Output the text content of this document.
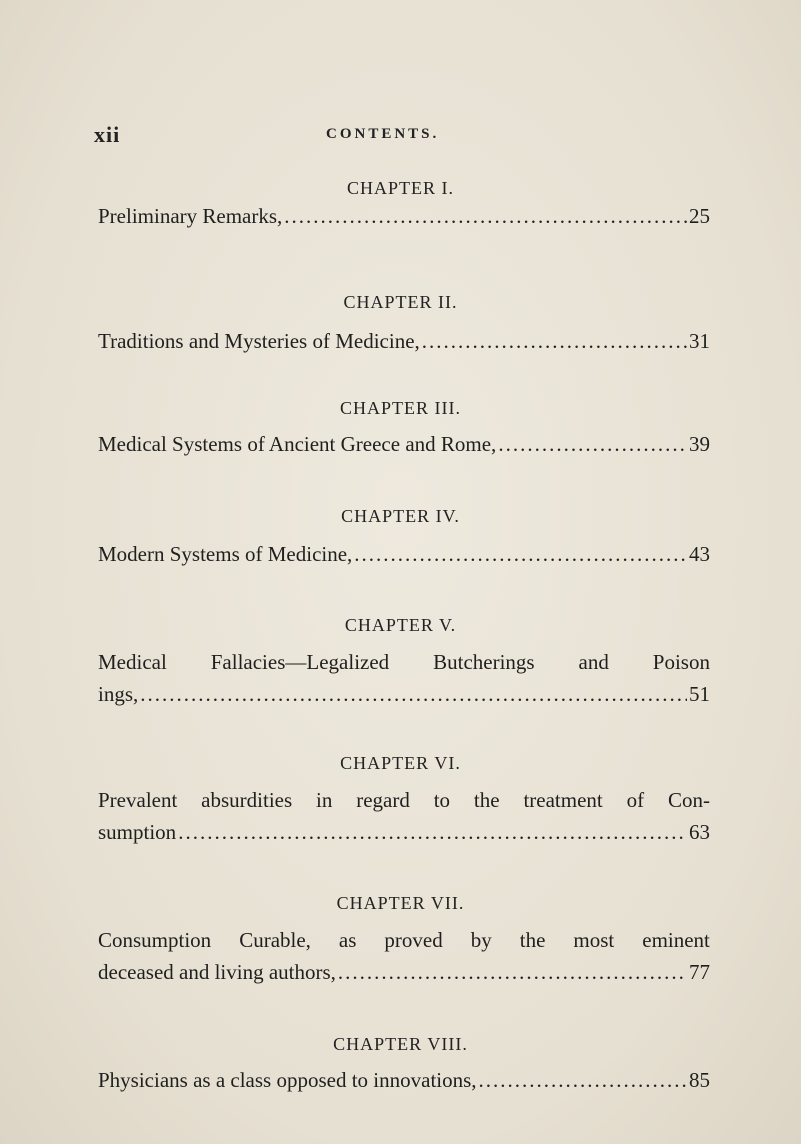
xii	CONTENTS.
CHAPTER I.
Preliminary Remarks, .....	25
CHAPTER II.
Traditions and Mysteries of Medicine, .....	31
CHAPTER III.
Medical Systems of Ancient Greece and Rome, .....	39
CHAPTER IV.
Modern Systems of Medicine, .....	43
CHAPTER V.
Medical Fallacies—Legalized Butcherings and Poison
ings, .....	51
CHAPTER VI.
Prevalent absurdities in regard to the treatment of Con-
sumption .....	63
CHAPTER VII.
Consumption Curable, as proved by the most eminent
deceased and living authors, .....	77
CHAPTER VIII.
Physicians as a class opposed to innovations, .....	85
